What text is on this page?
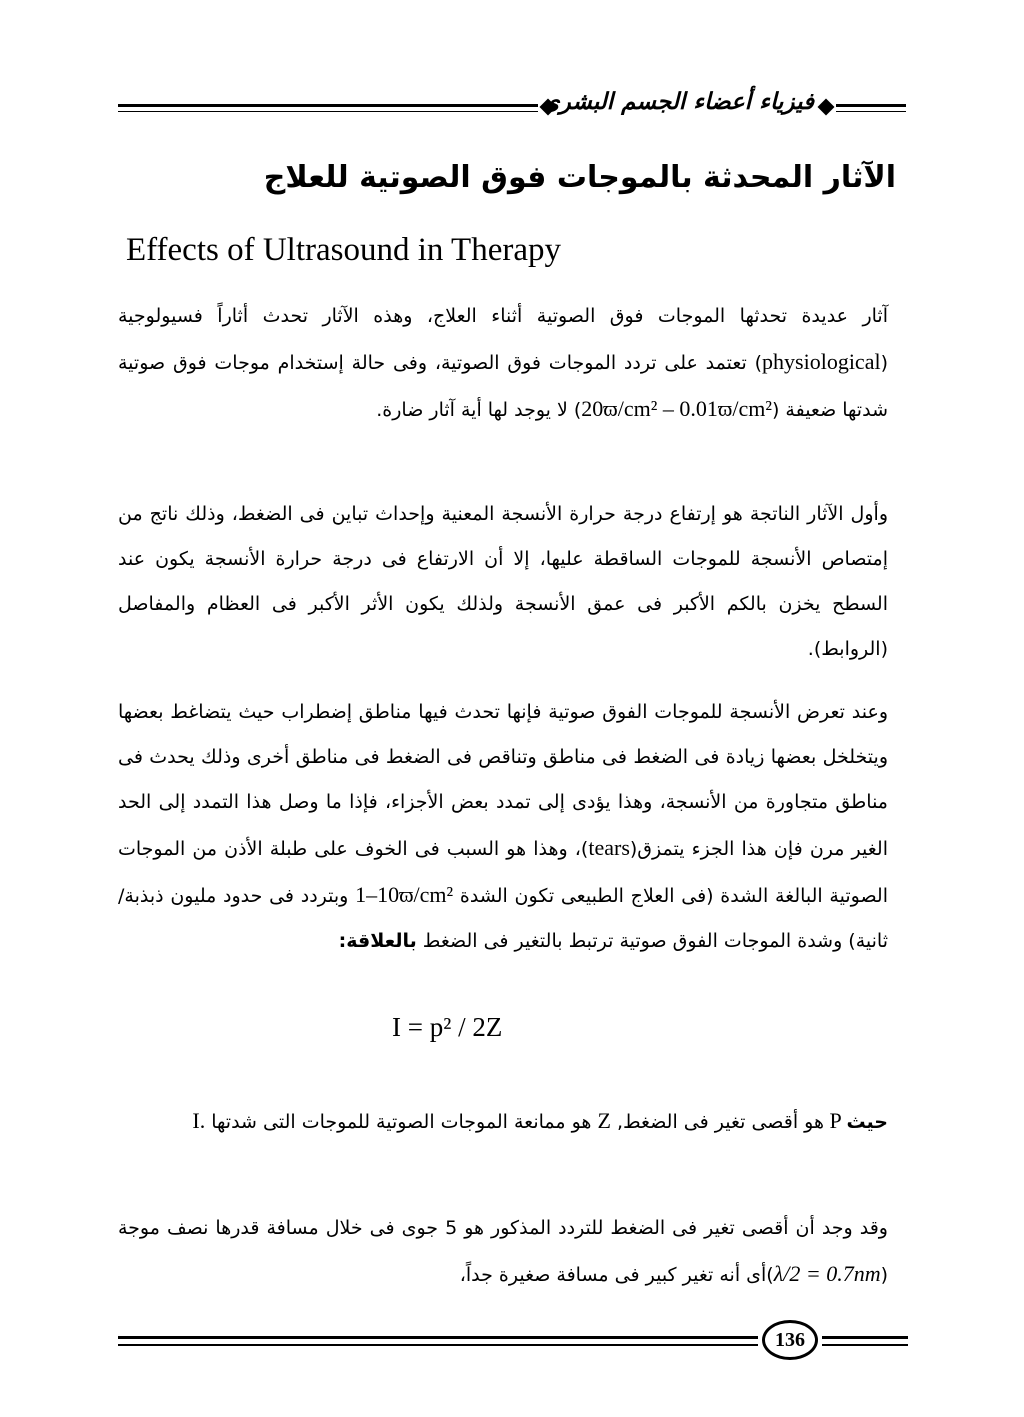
فيزياء أعضاء الجسم البشرى
الآثار المحدثة بالموجات فوق الصوتية للعلاج
Effects of Ultrasound in Therapy
آثار عديدة تحدثها الموجات فوق الصوتية أثناء العلاج، وهذه الآثار تحدث أثاراً فسيولوجية (physiological) تعتمد على تردد الموجات فوق الصوتية، وفى حالة إستخدام موجات فوق صوتية شدتها ضعيفة (20ϖ/cm² – 0.01ϖ/cm²) لا يوجد لها أية آثار ضارة.
وأول الآثار الناتجة هو إرتفاع درجة حرارة الأنسجة المعنية وإحداث تباين فى الضغط، وذلك ناتج من إمتصاص الأنسجة للموجات الساقطة عليها، إلا أن الارتفاع فى درجة حرارة الأنسجة يكون عند السطح يخزن بالكم الأكبر فى عمق الأنسجة ولذلك يكون الأثر الأكبر فى العظام والمفاصل (الروابط).
وعند تعرض الأنسجة للموجات الفوق صوتية فإنها تحدث فيها مناطق إضطراب حيث يتضاغط بعضها ويتخلخل بعضها زيادة فى الضغط فى مناطق وتناقص فى الضغط فى مناطق أخرى وذلك يحدث فى مناطق متجاورة من الأنسجة، وهذا يؤدى إلى تمدد بعض الأجزاء، فإذا ما وصل هذا التمدد إلى الحد الغير مرن فإن هذا الجزء يتمزق(tears)، وهذا هو السبب فى الخوف على طبلة الأذن من الموجات الصوتية البالغة الشدة (فى العلاج الطبيعى تكون الشدة 1–10ϖ/cm² وبتردد فى حدود مليون ذبذبة/ ثانية) وشدة الموجات الفوق صوتية ترتبط بالتغير فى الضغط بالعلاقة:
I = p² / 2Z
حيث P هو أقصى تغير فى الضغط, Z هو ممانعة الموجات الصوتية للموجات التى شدتها I.
وقد وجد أن أقصى تغير فى الضغط للتردد المذكور هو 5 جوى فى خلال مسافة قدرها نصف موجة (λ/2 = 0.7nm)أى أنه تغير كبير فى مسافة صغيرة جداً،
136
